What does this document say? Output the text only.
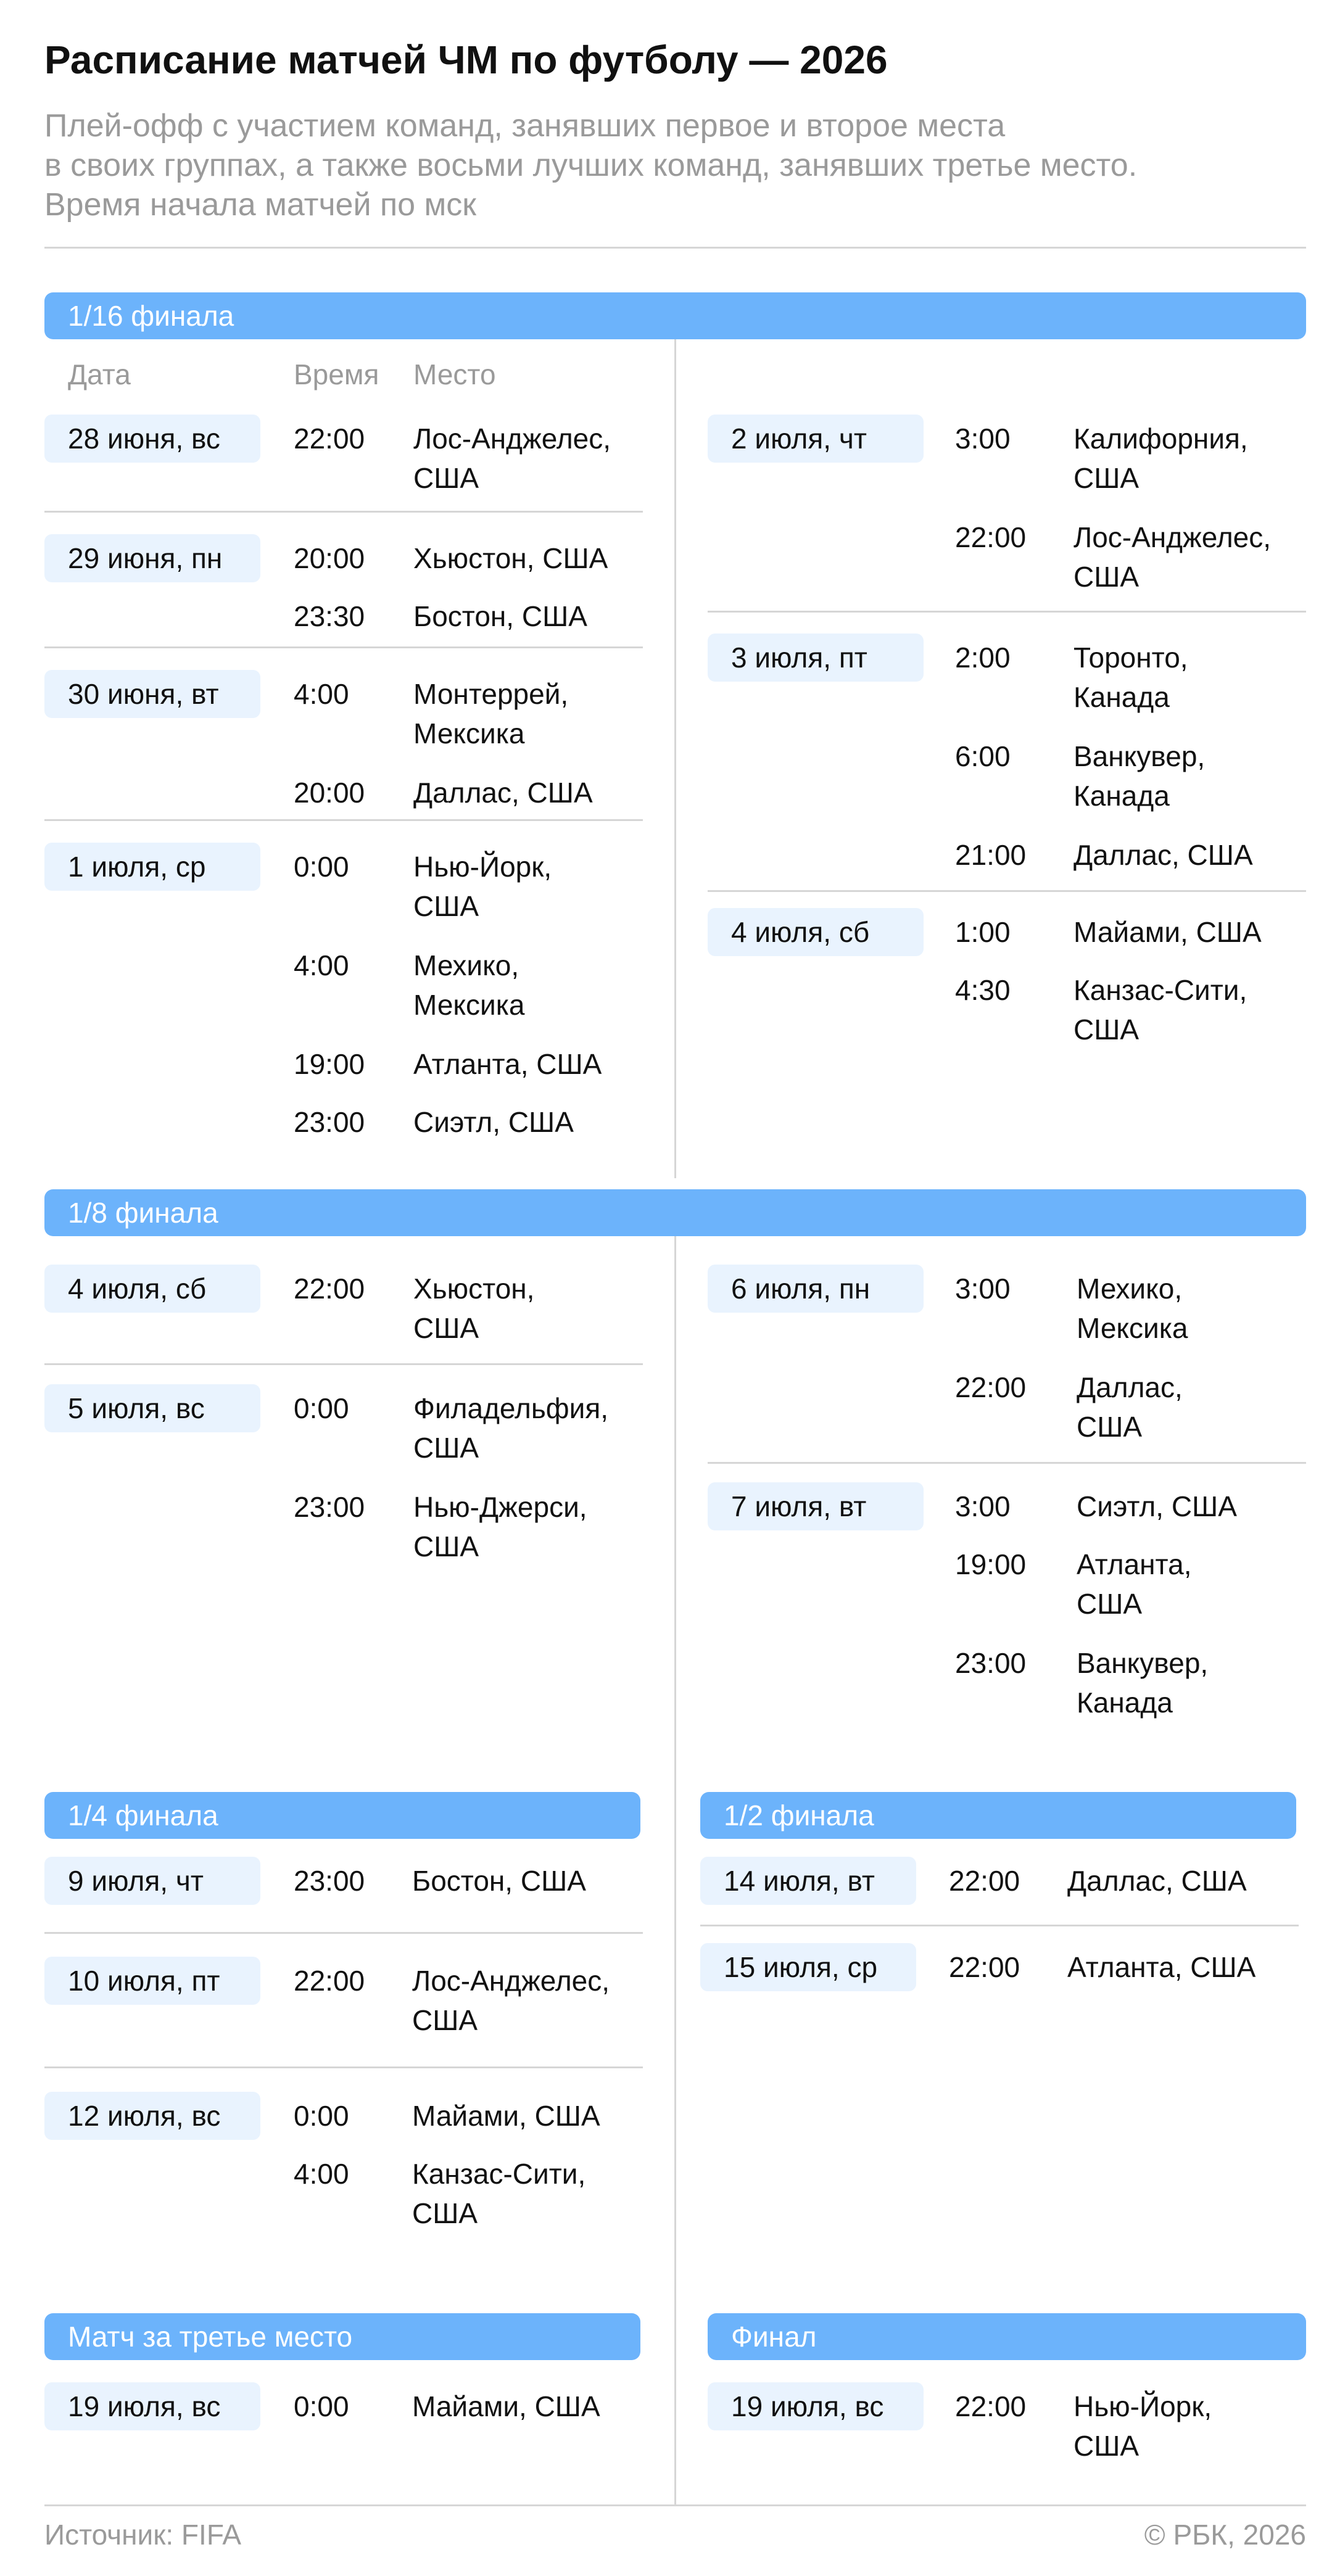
Расписание матчей ЧМ по футболу — 2026
Плей-офф с участием команд, занявших первое и второе места
в своих группах, а также восьми лучших команд, занявших третье место.
Время начала матчей по мск
1/16 финала
Дата	Время Место
1/8 финала
1/4 финала	1/2 финала
Матч за третье место	Финал
28 июня, вс	22:00 Лос-Анджелес,
США
29 июня, пн	20:00 Хьюстон, США
23:30 Бостон, США
30 июня, вт	4:00 Монтеррей,
Мексика
20:00 Даллас, США
1 июля, ср	0:00 Нью-Йорк,
США
4:00 Мехико,
Мексика
19:00 Атланта, США
23:00 Сиэтл, США
2 июля, чт	3:00 Калифорния,
США
22:00 Лос-Анджелес,
США
3 июля, пт	2:00 Торонто,
Канада
6:00 Ванкувер,
Канада
21:00 Даллас, США
4 июля, сб	1:00 Майами, США
4:30 Канзас-Сити,
США
4 июля, сб	22:00 Хьюстон,
США
5 июля, вс	0:00 Филадельфия,
США
23:00 Нью-Джерси,
США
6 июля, пн	3:00 Мехико,
Мексика
22:00 Даллас,
США
7 июля, вт	3:00 Сиэтл, США
19:00 Атланта,
США
23:00 Ванкувер,
Канада
9 июля, чт	23:00 Бостон, США
10 июля, пт	22:00 Лос-Анджелес,
США
12 июля, вс	0:00 Майами, США
4:00 Канзас-Сити,
США
14 июля, вт	22:00 Даллас, США
15 июля, ср	22:00 Атланта, США
19 июля, вс	0:00 Майами, США	19 июля, вс	22:00 Нью-Йорк,
США
Источник: FIFA	© РБК, 2026
